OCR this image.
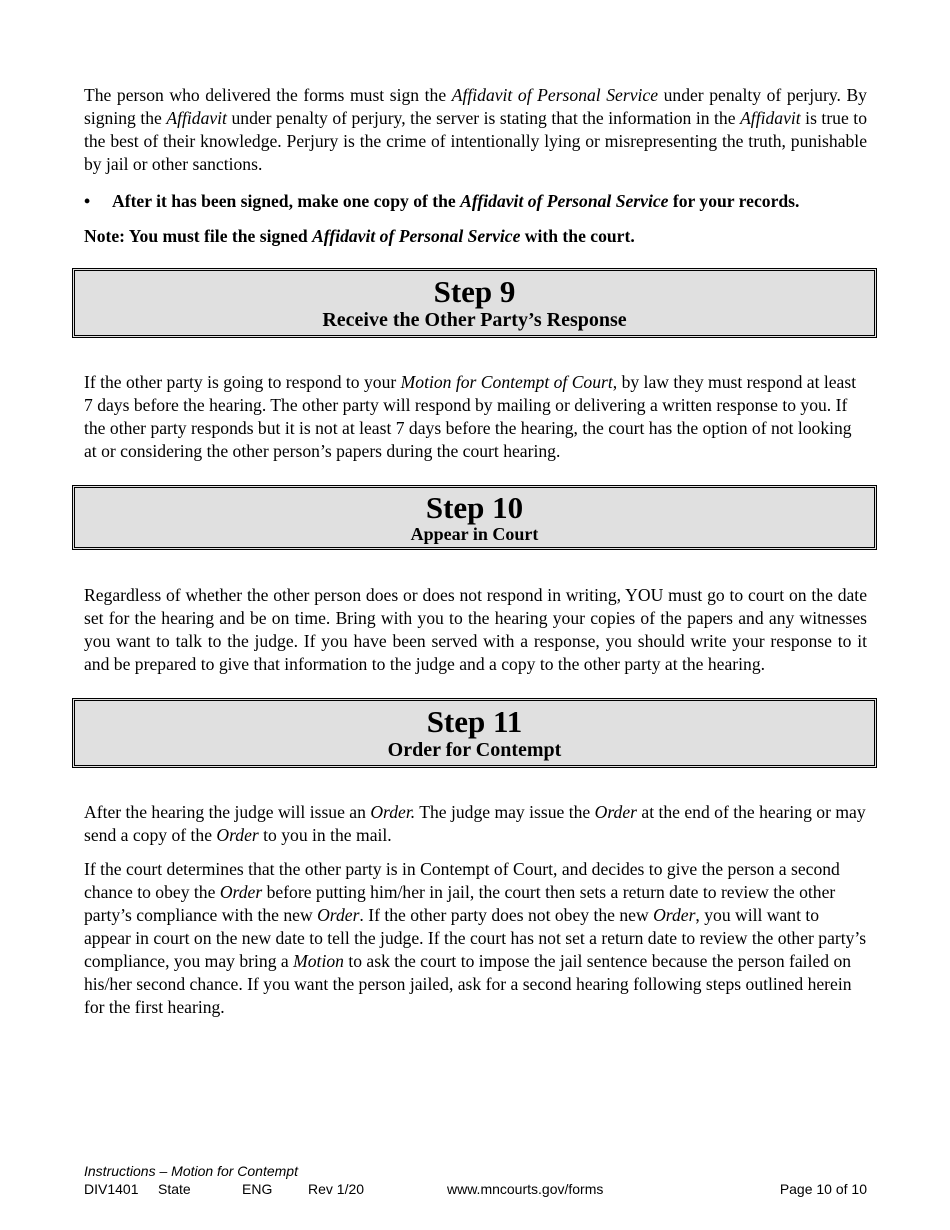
The person who delivered the forms must sign the Affidavit of Personal Service under penalty of perjury. By signing the Affidavit under penalty of perjury, the server is stating that the information in the Affidavit is true to the best of their knowledge. Perjury is the crime of intentionally lying or misrepresenting the truth, punishable by jail or other sanctions.

•	After it has been signed, make one copy of the Affidavit of Personal Service for your records.

Note: You must file the signed Affidavit of Personal Service with the court.

Step 9
Receive the Other Party’s Response

If the other party is going to respond to your Motion for Contempt of Court, by law they must respond at least 7 days before the hearing. The other party will respond by mailing or delivering a written response to you. If the other party responds but it is not at least 7 days before the hearing, the court has the option of not looking at or considering the other person’s papers during the court hearing.

Step 10
Appear in Court

Regardless of whether the other person does or does not respond in writing, YOU must go to court on the date set for the hearing and be on time. Bring with you to the hearing your copies of the papers and any witnesses you want to talk to the judge. If you have been served with a response, you should write your response to it and be prepared to give that information to the judge and a copy to the other party at the hearing.

Step 11
Order for Contempt

After the hearing the judge will issue an Order. The judge may issue the Order at the end of the hearing or may send a copy of the Order to you in the mail.

If the court determines that the other party is in Contempt of Court, and decides to give the person a second chance to obey the Order before putting him/her in jail, the court then sets a return date to review the other party’s compliance with the new Order. If the other party does not obey the new Order, you will want to appear in court on the new date to tell the judge. If the court has not set a return date to review the other party’s compliance, you may bring a Motion to ask the court to impose the jail sentence because the person failed on his/her second chance. If you want the person jailed, ask for a second hearing following steps outlined herein for the first hearing.

Instructions – Motion for Contempt
DIV1401 State	ENG	Rev 1/20	www.mncourts.gov/forms	Page 10 of 10
